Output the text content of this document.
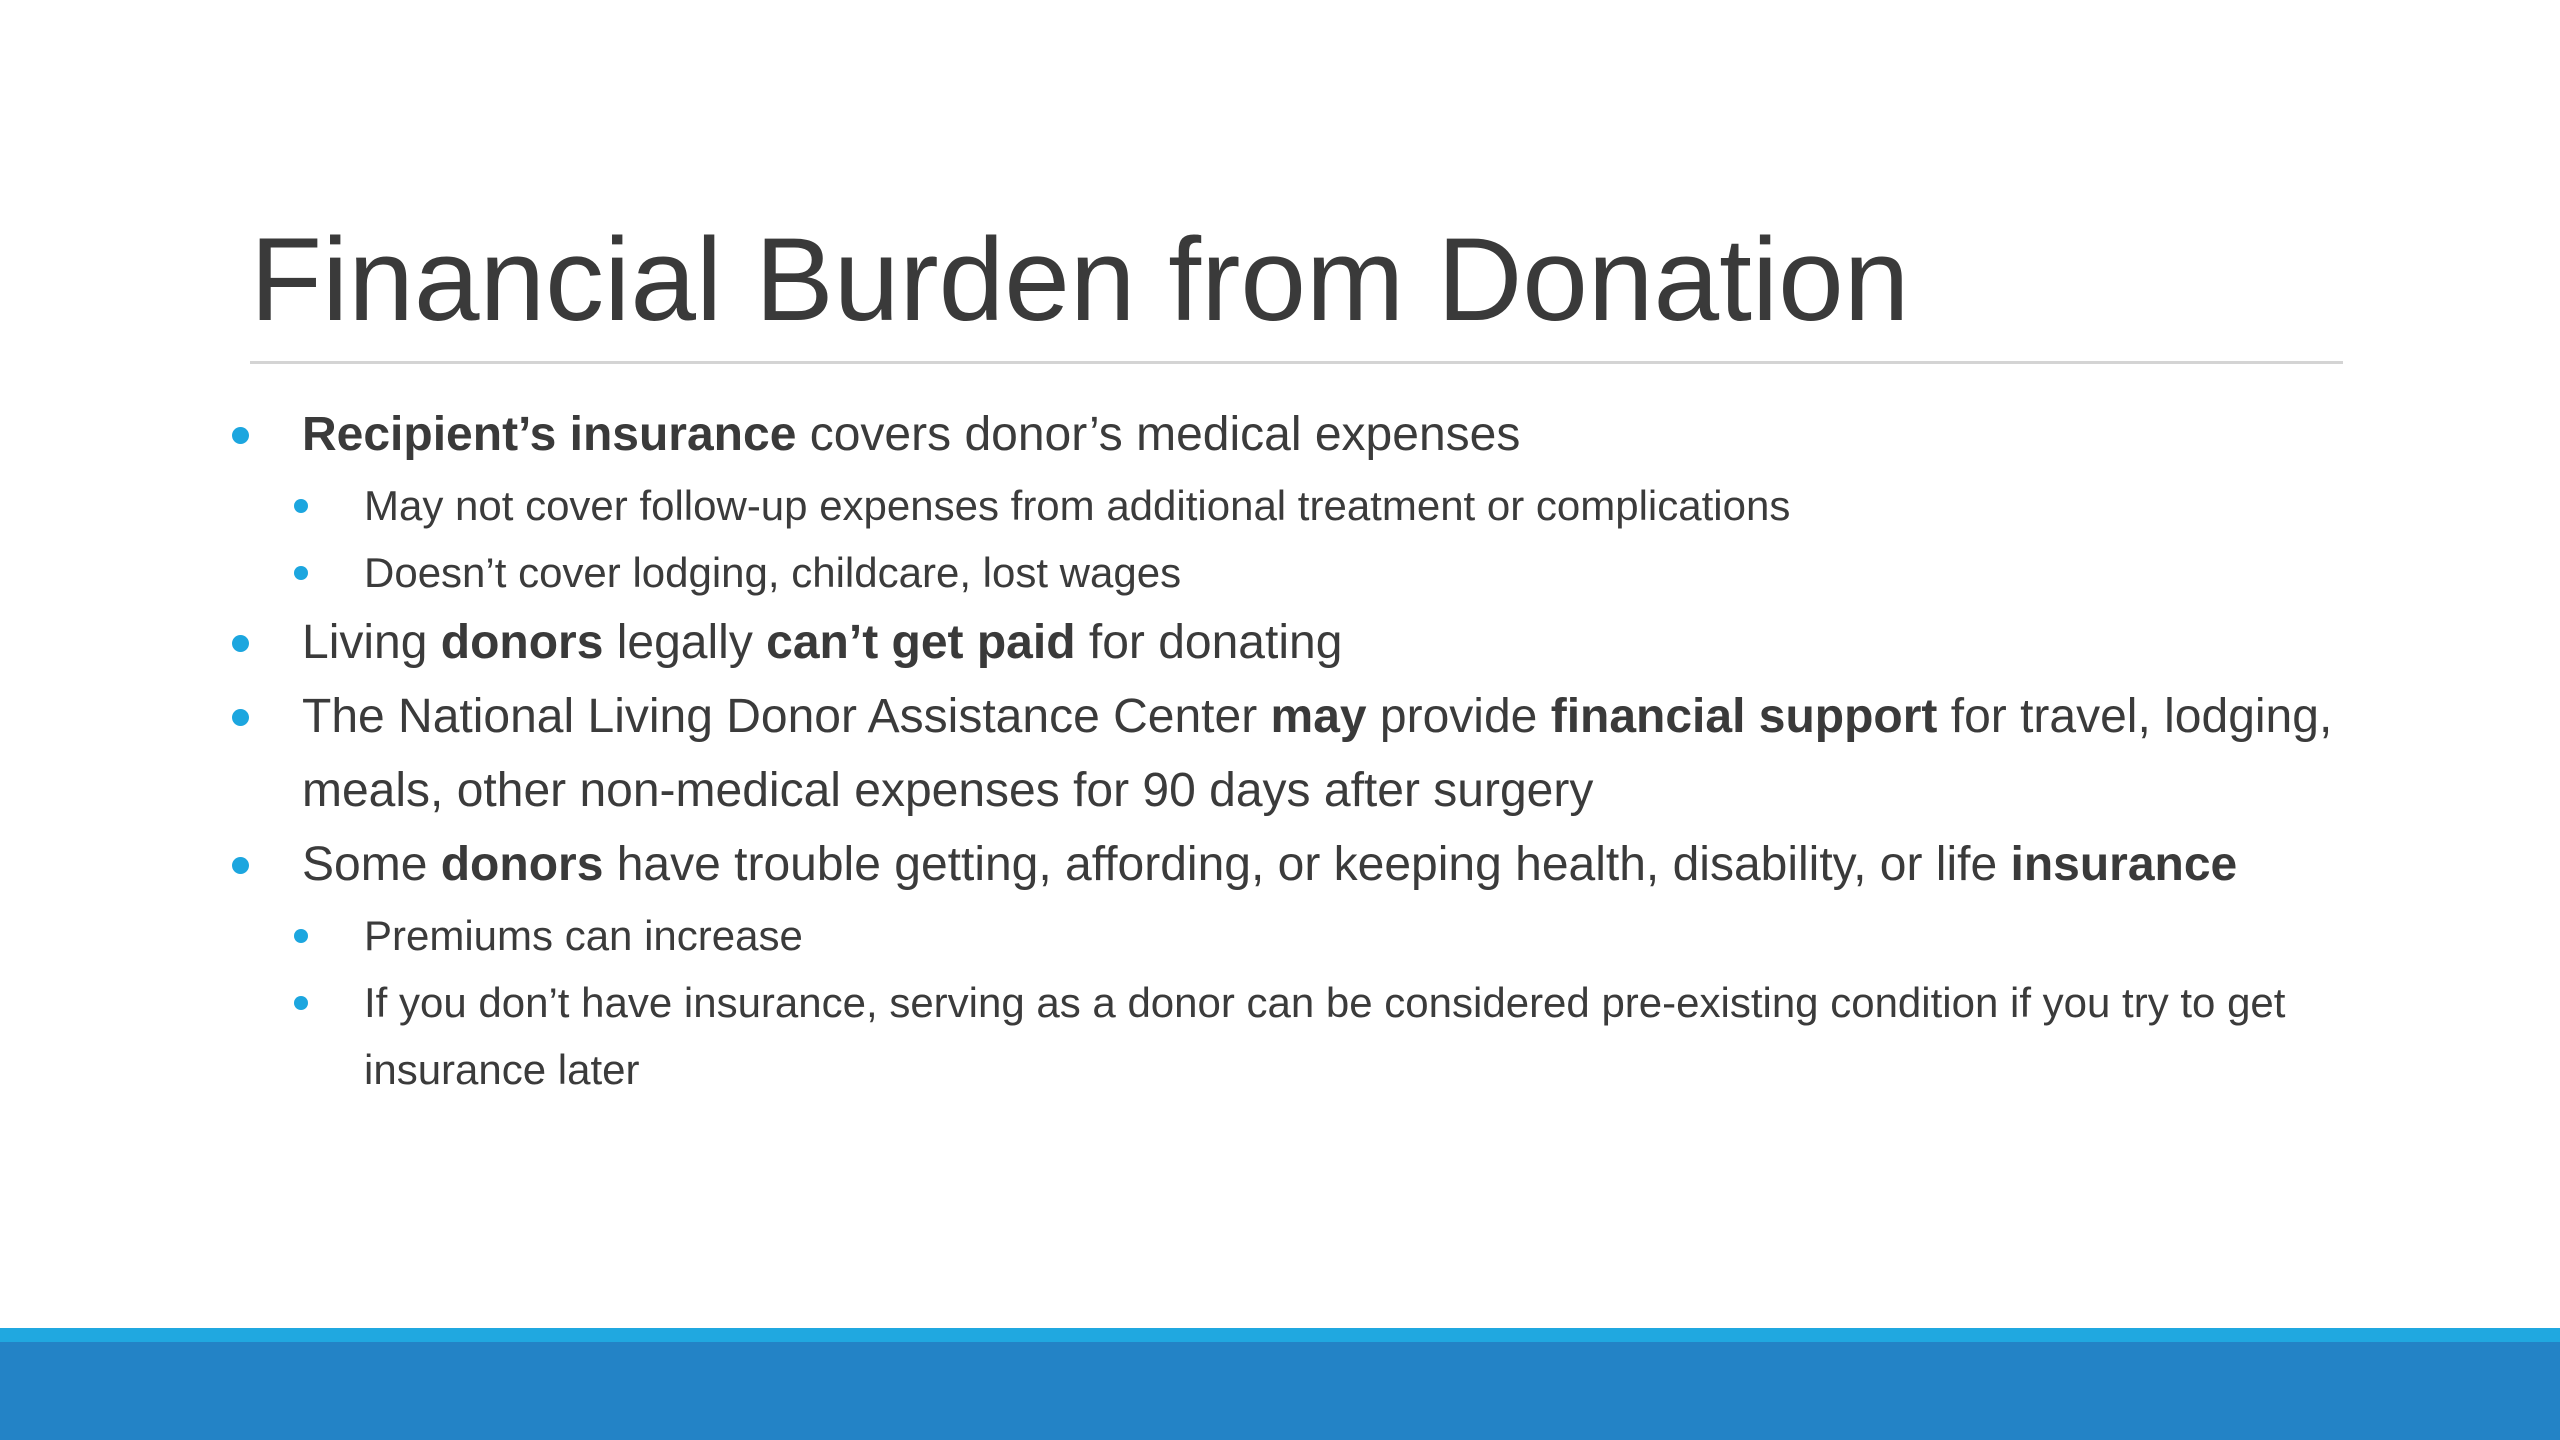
Financial Burden from Donation
Recipient’s insurance covers donor’s medical expenses
May not cover follow-up expenses from additional treatment or complications
Doesn’t cover lodging, childcare, lost wages
Living donors legally can’t get paid for donating
The National Living Donor Assistance Center may provide financial support for travel, lodging, meals, other non-medical expenses for 90 days after surgery
Some donors have trouble getting, affording, or keeping health, disability, or life insurance
Premiums can increase
If you don’t have insurance, serving as a donor can be considered pre-existing condition if you try to get insurance later
